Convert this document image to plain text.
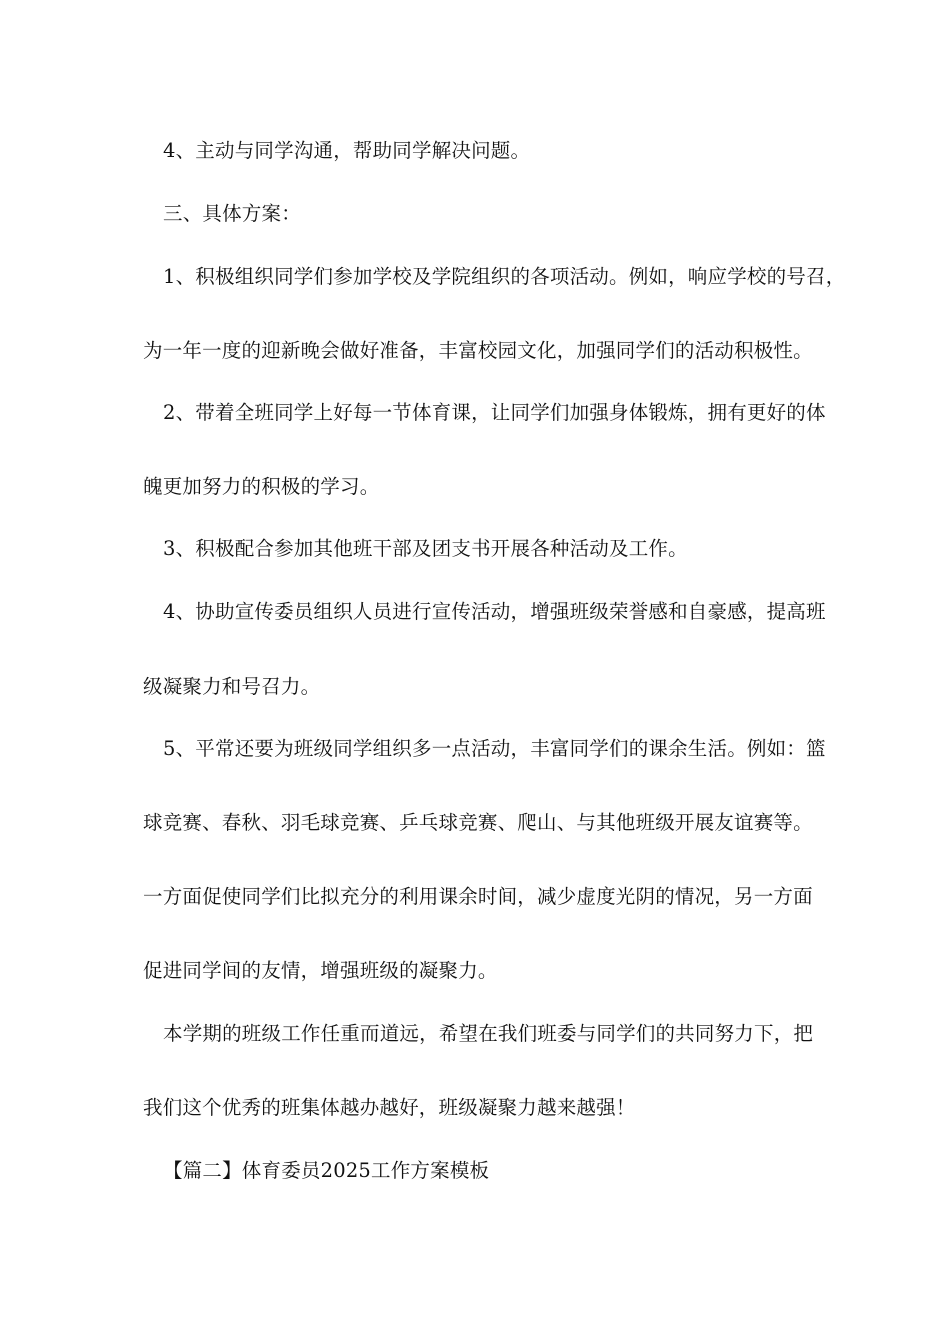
4、主动与同学沟通，帮助同学解决问题。
三、具体方案：
1、积极组织同学们参加学校及学院组织的各项活动。例如，响应学校的号召，
为一年一度的迎新晚会做好准备，丰富校园文化，加强同学们的活动积极性。
2、带着全班同学上好每一节体育课，让同学们加强身体锻炼，拥有更好的体
魄更加努力的积极的学习。
3、积极配合参加其他班干部及团支书开展各种活动及工作。
4、协助宣传委员组织人员进行宣传活动，增强班级荣誉感和自豪感，提高班
级凝聚力和号召力。
5、平常还要为班级同学组织多一点活动，丰富同学们的课余生活。例如：篮
球竞赛、春秋、羽毛球竞赛、乒乓球竞赛、爬山、与其他班级开展友谊赛等。
一方面促使同学们比拟充分的利用课余时间，减少虚度光阴的情况，另一方面
促进同学间的友情，增强班级的凝聚力。
本学期的班级工作任重而道远，希望在我们班委与同学们的共同努力下，把
我们这个优秀的班集体越办越好，班级凝聚力越来越强！
【篇二】体育委员2025工作方案模板
